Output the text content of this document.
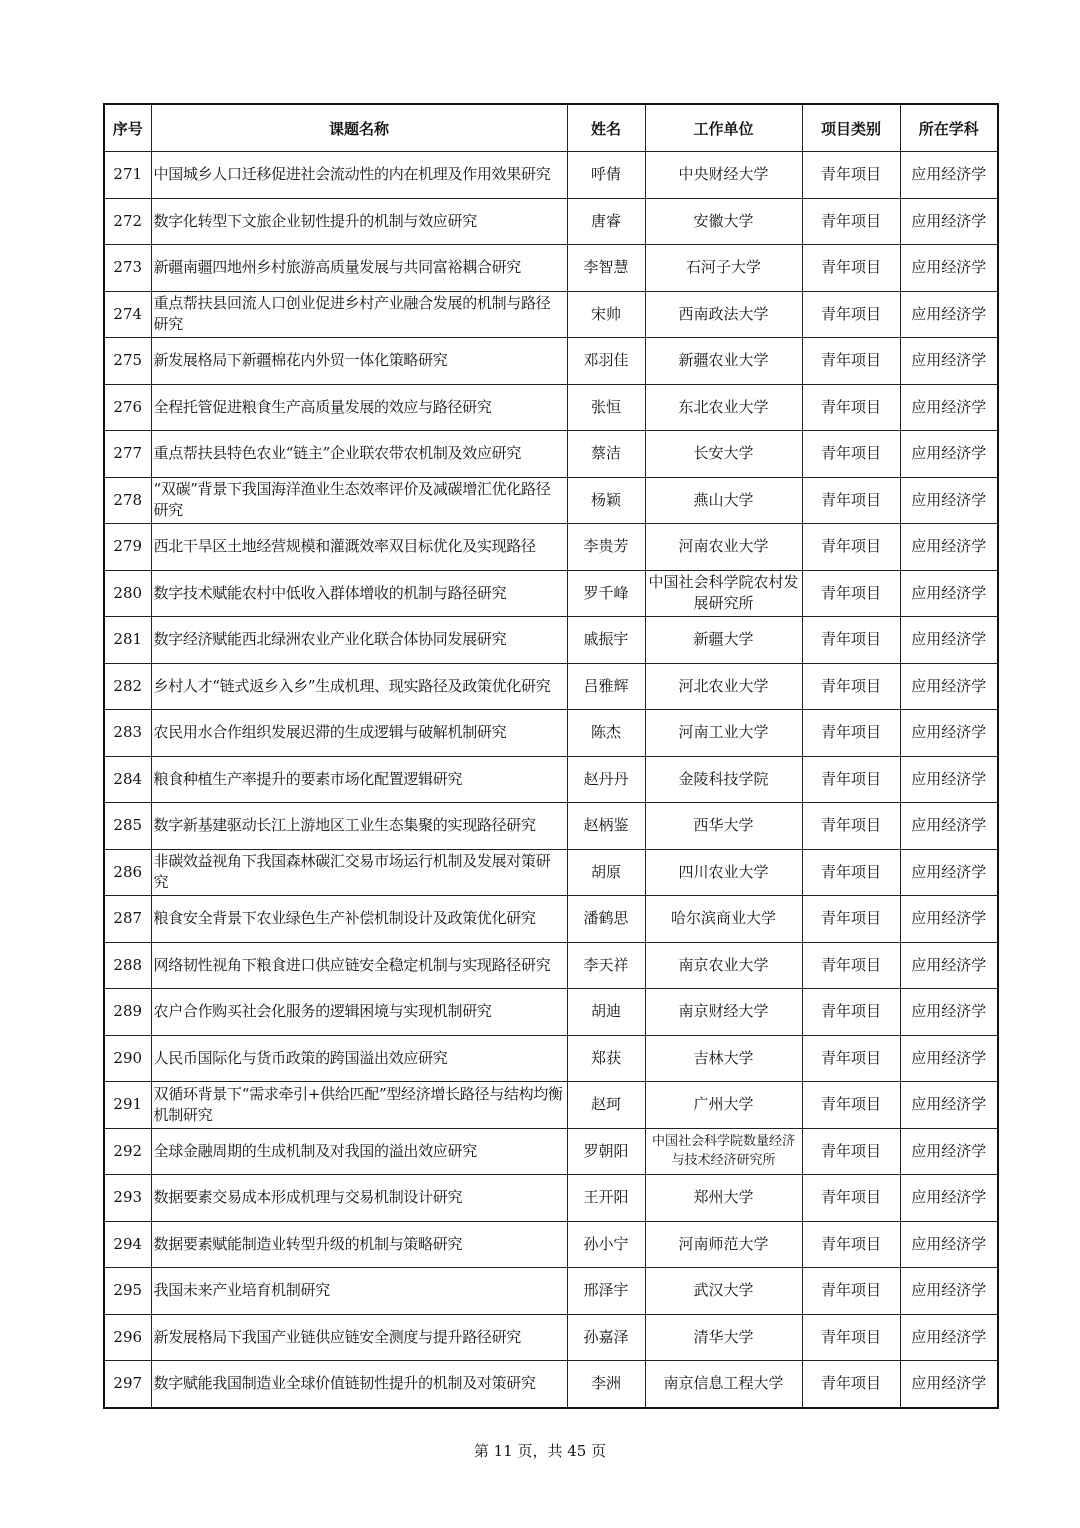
序号	课题名称	姓名	工作单位	项目类别	所在学科
271	中国城乡人口迁移促进社会流动性的内在机理及作用效果研究	呼倩	中央财经大学	青年项目	应用经济学
272	数字化转型下文旅企业韧性提升的机制与效应研究	唐睿	安徽大学	青年项目	应用经济学
273	新疆南疆四地州乡村旅游高质量发展与共同富裕耦合研究	李智慧	石河子大学	青年项目	应用经济学
274	重点帮扶县回流人口创业促进乡村产业融合发展的机制与路径研究	宋帅	西南政法大学	青年项目	应用经济学
275	新发展格局下新疆棉花内外贸一体化策略研究	邓羽佳	新疆农业大学	青年项目	应用经济学
276	全程托管促进粮食生产高质量发展的效应与路径研究	张恒	东北农业大学	青年项目	应用经济学
277	重点帮扶县特色农业“链主”企业联农带农机制及效应研究	蔡洁	长安大学	青年项目	应用经济学
278	“双碳”背景下我国海洋渔业生态效率评价及减碳增汇优化路径研究	杨颖	燕山大学	青年项目	应用经济学
279	西北干旱区土地经营规模和灌溉效率双目标优化及实现路径	李贵芳	河南农业大学	青年项目	应用经济学
280	数字技术赋能农村中低收入群体增收的机制与路径研究	罗千峰	中国社会科学院农村发展研究所	青年项目	应用经济学
281	数字经济赋能西北绿洲农业产业化联合体协同发展研究	戚振宇	新疆大学	青年项目	应用经济学
282	乡村人才“链式返乡入乡”生成机理、现实路径及政策优化研究	吕雅辉	河北农业大学	青年项目	应用经济学
283	农民用水合作组织发展迟滞的生成逻辑与破解机制研究	陈杰	河南工业大学	青年项目	应用经济学
284	粮食种植生产率提升的要素市场化配置逻辑研究	赵丹丹	金陵科技学院	青年项目	应用经济学
285	数字新基建驱动长江上游地区工业生态集聚的实现路径研究	赵柄鉴	西华大学	青年项目	应用经济学
286	非碳效益视角下我国森林碳汇交易市场运行机制及发展对策研究	胡原	四川农业大学	青年项目	应用经济学
287	粮食安全背景下农业绿色生产补偿机制设计及政策优化研究	潘鹤思	哈尔滨商业大学	青年项目	应用经济学
288	网络韧性视角下粮食进口供应链安全稳定机制与实现路径研究	李天祥	南京农业大学	青年项目	应用经济学
289	农户合作购买社会化服务的逻辑困境与实现机制研究	胡迪	南京财经大学	青年项目	应用经济学
290	人民币国际化与货币政策的跨国溢出效应研究	郑获	吉林大学	青年项目	应用经济学
291	双循环背景下“需求牵引+供给匹配”型经济增长路径与结构均衡机制研究	赵珂	广州大学	青年项目	应用经济学
292	全球金融周期的生成机制及对我国的溢出效应研究	罗朝阳	中国社会科学院数量经济与技术经济研究所	青年项目	应用经济学
293	数据要素交易成本形成机理与交易机制设计研究	王开阳	郑州大学	青年项目	应用经济学
294	数据要素赋能制造业转型升级的机制与策略研究	孙小宁	河南师范大学	青年项目	应用经济学
295	我国未来产业培育机制研究	邢泽宇	武汉大学	青年项目	应用经济学
296	新发展格局下我国产业链供应链安全测度与提升路径研究	孙嘉泽	清华大学	青年项目	应用经济学
297	数字赋能我国制造业全球价值链韧性提升的机制及对策研究	李洲	南京信息工程大学	青年项目	应用经济学
第 11 页，共 45 页
